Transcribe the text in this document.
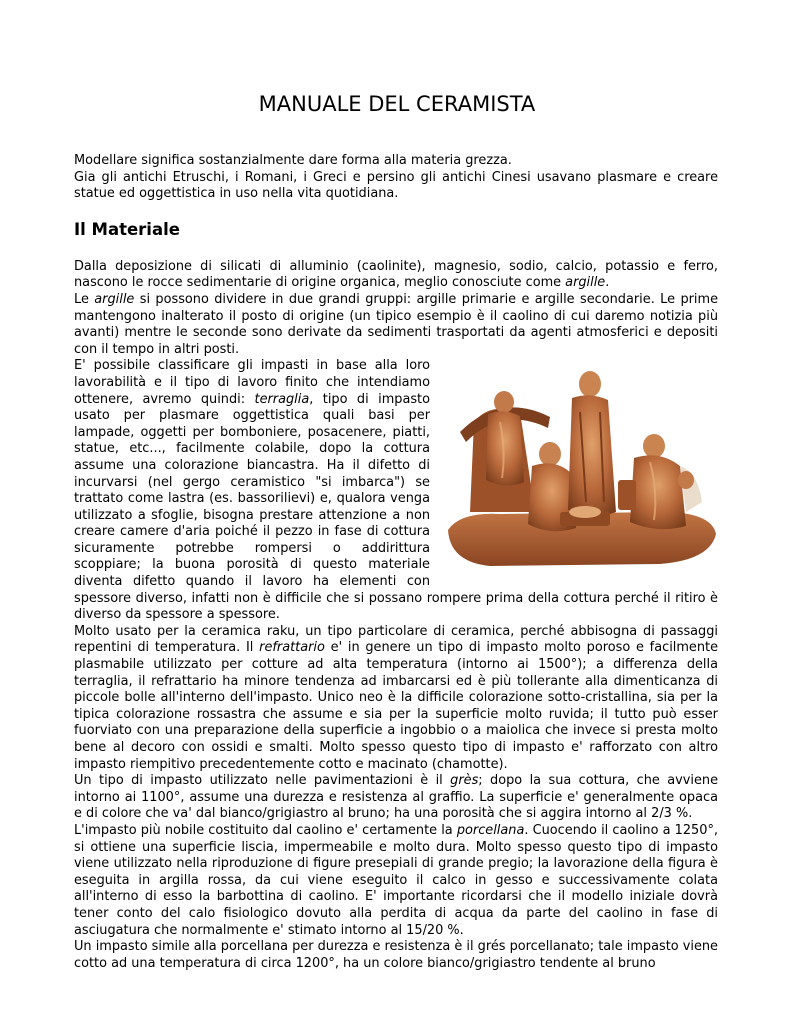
MANUALE DEL CERAMISTA

Modellare significa sostanzialmente dare forma alla materia grezza.

Gia gli antichi Etruschi, i Romani, i Greci e persino gli antichi Cinesi usavano plasmare e creare statue ed oggettistica in uso nella vita quotidiana.

Il Materiale

Dalla deposizione di silicati di alluminio (caolinite), magnesio, sodio, calcio, potassio e ferro, nascono le rocce sedimentarie di origine organica, meglio conosciute come argille.

Le argille si possono dividere in due grandi gruppi: argille primarie e argille secondarie. Le prime mantengono inalterato il posto di origine (un tipico esempio è il caolino di cui daremo notizia più avanti) mentre le seconde sono derivate da sedimenti trasportati da agenti atmosferici e depositi con il tempo in altri posti.

E' possibile classificare gli impasti in base alla loro lavorabilità e il tipo di lavoro finito che intendiamo ottenere, avremo quindi: terraglia, tipo di impasto usato per plasmare oggettistica quali basi per lampade, oggetti per bomboniere, posacenere, piatti, statue, etc..., facilmente colabile, dopo la cottura assume una colorazione biancastra. Ha il difetto di incurvarsi (nel gergo ceramistico "si imbarca") se trattato come lastra (es. bassorilievi) e, qualora venga utilizzato a sfoglie, bisogna prestare attenzione a non creare camere d'aria poiché il pezzo in fase di cottura sicuramente potrebbe rompersi o addirittura scoppiare; la buona porosità di questo materiale diventa difetto quando il lavoro ha elementi con spessore diverso, infatti non è difficile che si possano rompere prima della cottura perché il ritiro è diverso da spessore a spessore.

Molto usato per la ceramica raku, un tipo particolare di ceramica, perché abbisogna di passaggi repentini di temperatura. Il refrattario e' in genere un tipo di impasto molto poroso e facilmente plasmabile utilizzato per cotture ad alta temperatura (intorno ai 1500°); a differenza della terraglia, il refrattario ha minore tendenza ad imbarcarsi ed è più tollerante alla dimenticanza di piccole bolle all'interno dell'impasto. Unico neo è la difficile colorazione sotto-cristallina, sia per la tipica colorazione rossastra che assume e sia per la superficie molto ruvida; il tutto può esser fuorviato con una preparazione della superficie a ingobbio o a maiolica che invece si presta molto bene al decoro con ossidi e smalti. Molto spesso questo tipo di impasto e' rafforzato con altro impasto riempitivo precedentemente cotto e macinato (chamotte).

Un tipo di impasto utilizzato nelle pavimentazioni è il grès; dopo la sua cottura, che avviene intorno ai 1100°, assume una durezza e resistenza al graffio. La superficie e' generalmente opaca e di colore che va' dal bianco/grigiastro al bruno; ha una porosità che si aggira intorno al 2/3 %.

L'impasto più nobile costituito dal caolino e' certamente la porcellana. Cuocendo il caolino a 1250°, si ottiene una superficie liscia, impermeabile e molto dura. Molto spesso questo tipo di impasto viene utilizzato nella riproduzione di figure presepiali di grande pregio; la lavorazione della figura è eseguita in argilla rossa, da cui viene eseguito il calco in gesso e successivamente colata all'interno di esso la barbottina di caolino. E' importante ricordarsi che il modello iniziale dovrà tener conto del calo fisiologico dovuto alla perdita di acqua da parte del caolino in fase di asciugatura che normalmente e' stimato intorno al 15/20 %.

Un impasto simile alla porcellana per durezza e resistenza è il grés porcellanato; tale impasto viene cotto ad una temperatura di circa 1200°, ha un colore bianco/grigiastro tendente al bruno
